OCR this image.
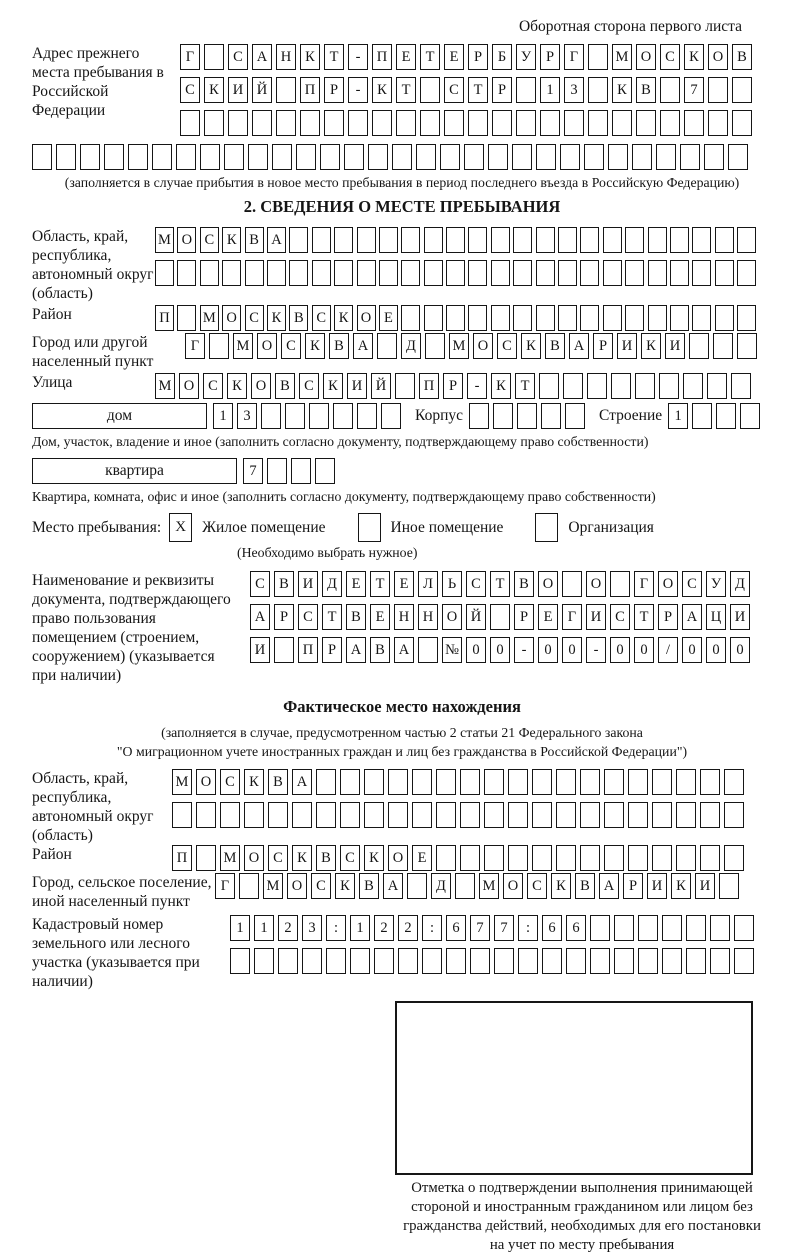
Оборотная сторона первого листа
Адрес прежнего места пребывания в Российской Федерации
Г	С А Н К	Т	-	П Е	Т	Е	Р	Б	У	Р	Г	М О С К О В
С К И Й	П	Р	-	К	Т	С	Т	Р	1	3	К В	7
(заполняется в случае прибытия в новое место пребывания в период последнего въезда в Российскую Федерацию)
2. СВЕДЕНИЯ О МЕСТЕ ПРЕБЫВАНИЯ
Область, край, республика, автономный округ (область)
М О С К В А
Район	П М О С К В С К О Е
Город или другой населенный пункт
Г	М О С К В А	Д	М О С К В А	Р	И К И
Улица	М О С К О В С К И Й	П	Р	-	К	Т
дом	1	3	Корпус	Строение 1
Дом, участок, владение и иное (заполнить согласно документу, подтверждающему право собственности)
квартира	7
Квартира, комната, офис и иное (заполнить согласно документу, подтверждающему право собственности)
Место пребывания: X	Жилое помещение	Иное помещение	Организация
(Необходимо выбрать нужное)
Наименование и реквизиты документа, подтверждающего право пользования помещением (строением, сооружением) (указывается при наличии)
С В И Д	Е	Т	Е	Л	Ь	С	Т	В О	О	Г	О С У Д
А	Р	С	Т	В	Е Н Н О Й	Р	Е	Г	И С	Т	Р	А Ц И
И	П	Р	А В А	№ 0	0	-	0	0	-	0	0	/	0	0	0
Фактическое место нахождения
(заполняется в случае, предусмотренном частью 2 статьи 21 Федерального закона
"О миграционном учете иностранных граждан и лиц без гражданства в Российской Федерации")
Область, край, республика, автономный округ (область)
М О С К В А
Район	П	М О С К В С К О Е
Город, сельское поселение, иной населенный пункт
Г	М О С К В А	Д	М О С К В А	Р	И К И
Кадастровый номер земельного или лесного участка (указывается при наличии)
1	1	2	3	:	1	2	2	:	6	7	7	:	6	6
Отметка о подтверждении выполнения принимающей
стороной и иностранным гражданином или лицом без
гражданства действий, необходимых для его постановки
на учет по месту пребывания
